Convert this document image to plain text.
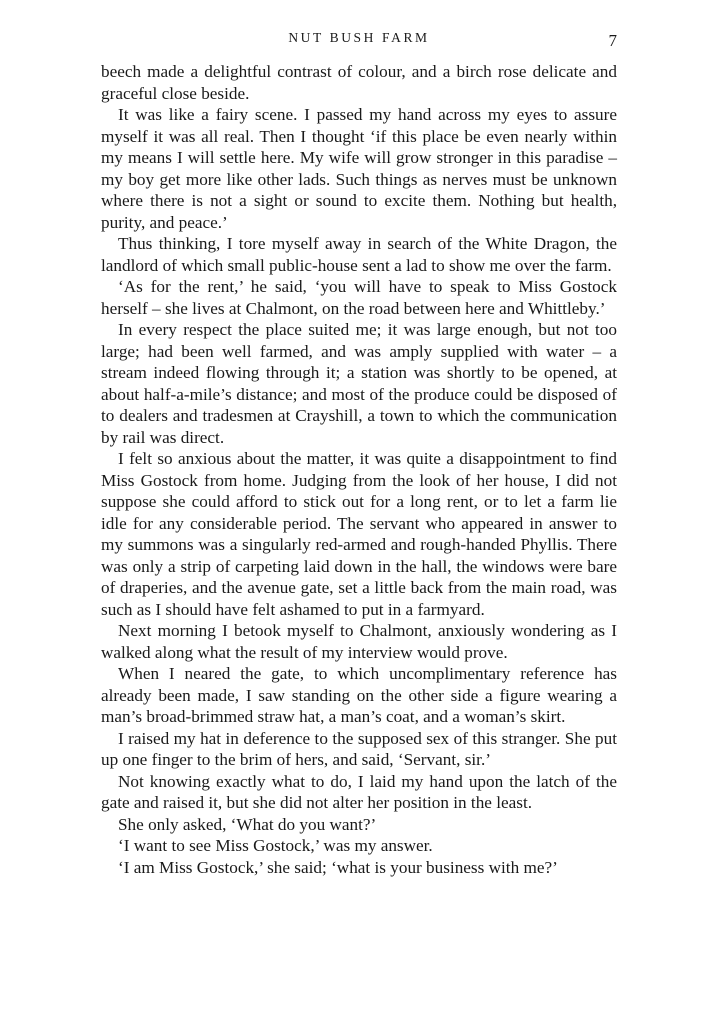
NUT BUSH FARM	7

beech made a delightful contrast of colour, and a birch rose delicate and graceful close beside.

It was like a fairy scene. I passed my hand across my eyes to assure myself it was all real. Then I thought ‘if this place be even nearly within my means I will settle here. My wife will grow stronger in this paradise – my boy get more like other lads. Such things as nerves must be unknown where there is not a sight or sound to excite them. Nothing but health, purity, and peace.’

Thus thinking, I tore myself away in search of the White Dragon, the landlord of which small public-house sent a lad to show me over the farm.

‘As for the rent,’ he said, ‘you will have to speak to Miss Gostock herself – she lives at Chalmont, on the road between here and Whittleby.’

In every respect the place suited me; it was large enough, but not too large; had been well farmed, and was amply supplied with water – a stream indeed flowing through it; a station was shortly to be opened, at about half-a-mile’s distance; and most of the produce could be disposed of to dealers and tradesmen at Crayshill, a town to which the communication by rail was direct.

I felt so anxious about the matter, it was quite a disappointment to find Miss Gostock from home. Judging from the look of her house, I did not suppose she could afford to stick out for a long rent, or to let a farm lie idle for any considerable period. The servant who appeared in answer to my summons was a singularly red-armed and rough-handed Phyllis. There was only a strip of carpeting laid down in the hall, the windows were bare of draperies, and the avenue gate, set a little back from the main road, was such as I should have felt ashamed to put in a farmyard.

Next morning I betook myself to Chalmont, anxiously wondering as I walked along what the result of my interview would prove.

When I neared the gate, to which uncomplimentary reference has already been made, I saw standing on the other side a figure wearing a man’s broad-brimmed straw hat, a man’s coat, and a woman’s skirt.

I raised my hat in deference to the supposed sex of this stranger. She put up one finger to the brim of hers, and said, ‘Servant, sir.’

Not knowing exactly what to do, I laid my hand upon the latch of the gate and raised it, but she did not alter her position in the least.

She only asked, ‘What do you want?’

‘I want to see Miss Gostock,’ was my answer.

‘I am Miss Gostock,’ she said; ‘what is your business with me?’
